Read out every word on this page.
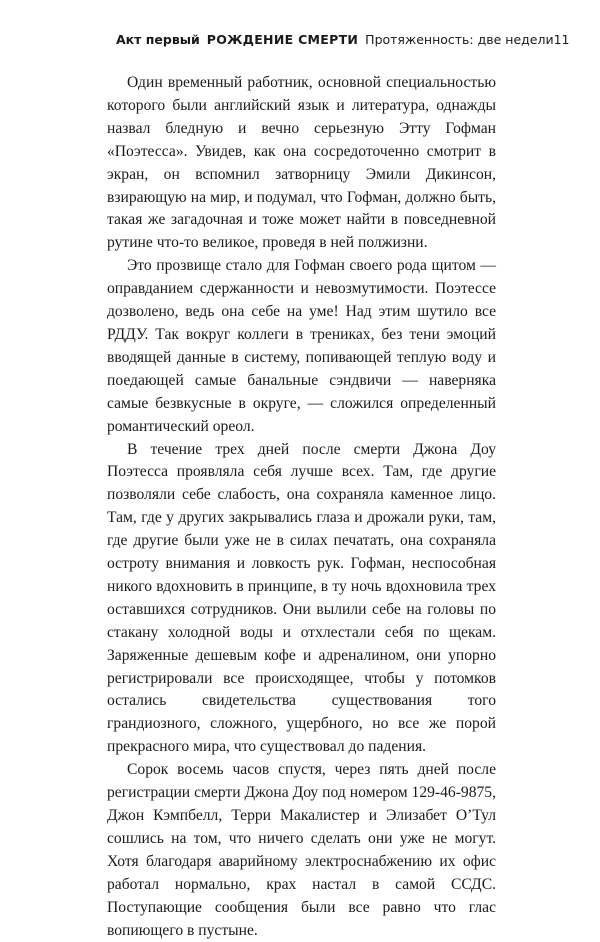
Акт первый РОЖДЕНИЕ СМЕРТИ Протяженность: две недели 11

Один временный работник, основной специальностью которого были английский язык и литература, однажды назвал бледную и вечно серьезную Этту Гофман «Поэтесса». Увидев, как она сосредоточенно смотрит в экран, он вспомнил затворницу Эмили Дикинсон, взирающую на мир, и подумал, что Гофман, должно быть, такая же загадочная и тоже может найти в повседневной рутине что-то великое, проведя в ней полжизни.

Это прозвище стало для Гофман своего рода щитом — оправданием сдержанности и невозмутимости. Поэтессе дозволено, ведь она себе на уме! Над этим шутило все РДДУ. Так вокруг коллеги в трениках, без тени эмоций вводящей данные в систему, попивающей теплую воду и поедающей самые банальные сэндвичи — наверняка самые безвкусные в округе, — сложился определенный романтический ореол.

В течение трех дней после смерти Джона Доу Поэтесса проявляла себя лучше всех. Там, где другие позволяли себе слабость, она сохраняла каменное лицо. Там, где у других закрывались глаза и дрожали руки, там, где другие были уже не в силах печатать, она сохраняла остроту внимания и ловкость рук. Гофман, неспособная никого вдохновить в принципе, в ту ночь вдохновила трех оставшихся сотрудников. Они вылили себе на головы по стакану холодной воды и отхлестали себя по щекам. Заряженные дешевым кофе и адреналином, они упорно регистрировали все происходящее, чтобы у потомков остались свидетельства существования того грандиозного, сложного, ущербного, но все же порой прекрасного мира, что существовал до падения.

Сорок восемь часов спустя, через пять дней после регистрации смерти Джона Доу под номером 129-46-9875, Джон Кэмпбелл, Терри Макалистер и Элизабет О’Тул сошлись на том, что ничего сделать они уже не могут. Хотя благодаря аварийному электроснабжению их офис работал нормально, крах настал в самой ССДС. Поступающие сообщения были все равно что глас вопиющего в пустыне.
